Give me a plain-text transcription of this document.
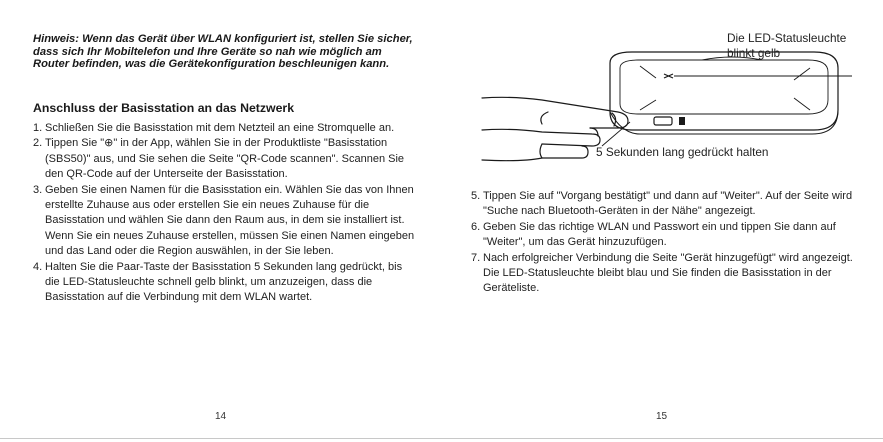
Hinweis: Wenn das Gerät über WLAN konfiguriert ist, stellen Sie sicher, dass sich Ihr Mobiltelefon und Ihre Geräte so nah wie möglich am Router befinden, was die Gerätekonfiguration beschleunigen kann.

Anschluss der Basisstation an das Netzwerk
1. Schließen Sie die Basisstation mit dem Netzteil an eine Stromquelle an.
2. Tippen Sie "⊕" in der App, wählen Sie in der Produktliste "Basisstation (SBS50)" aus, und Sie sehen die Seite "QR-Code scannen". Scannen Sie den QR-Code auf der Unterseite der Basisstation.
3. Geben Sie einen Namen für die Basisstation ein. Wählen Sie das von Ihnen erstellte Zuhause aus oder erstellen Sie ein neues Zuhause für die Basisstation und wählen Sie dann den Raum aus, in dem sie installiert ist. Wenn Sie ein neues Zuhause erstellen, müssen Sie einen Namen eingeben und das Land oder die Region auswählen, in der Sie leben.
4. Halten Sie die Paar-Taste der Basisstation 5 Sekunden lang gedrückt, bis die LED-Statusleuchte schnell gelb blinkt, um anzuzeigen, dass die Basisstation auf die Verbindung mit dem WLAN wartet.
14
Die LED-Statusleuchte blinkt gelb
5 Sekunden lang gedrückt halten
5. Tippen Sie auf "Vorgang bestätigt" und dann auf "Weiter". Auf der Seite wird "Suche nach Bluetooth-Geräten in der Nähe" angezeigt.
6. Geben Sie das richtige WLAN und Passwort ein und tippen Sie dann auf "Weiter", um das Gerät hinzuzufügen.
7. Nach erfolgreicher Verbindung die Seite "Gerät hinzugefügt" wird angezeigt. Die LED-Statusleuchte bleibt blau und Sie finden die Basisstation in der Geräteliste.
15
